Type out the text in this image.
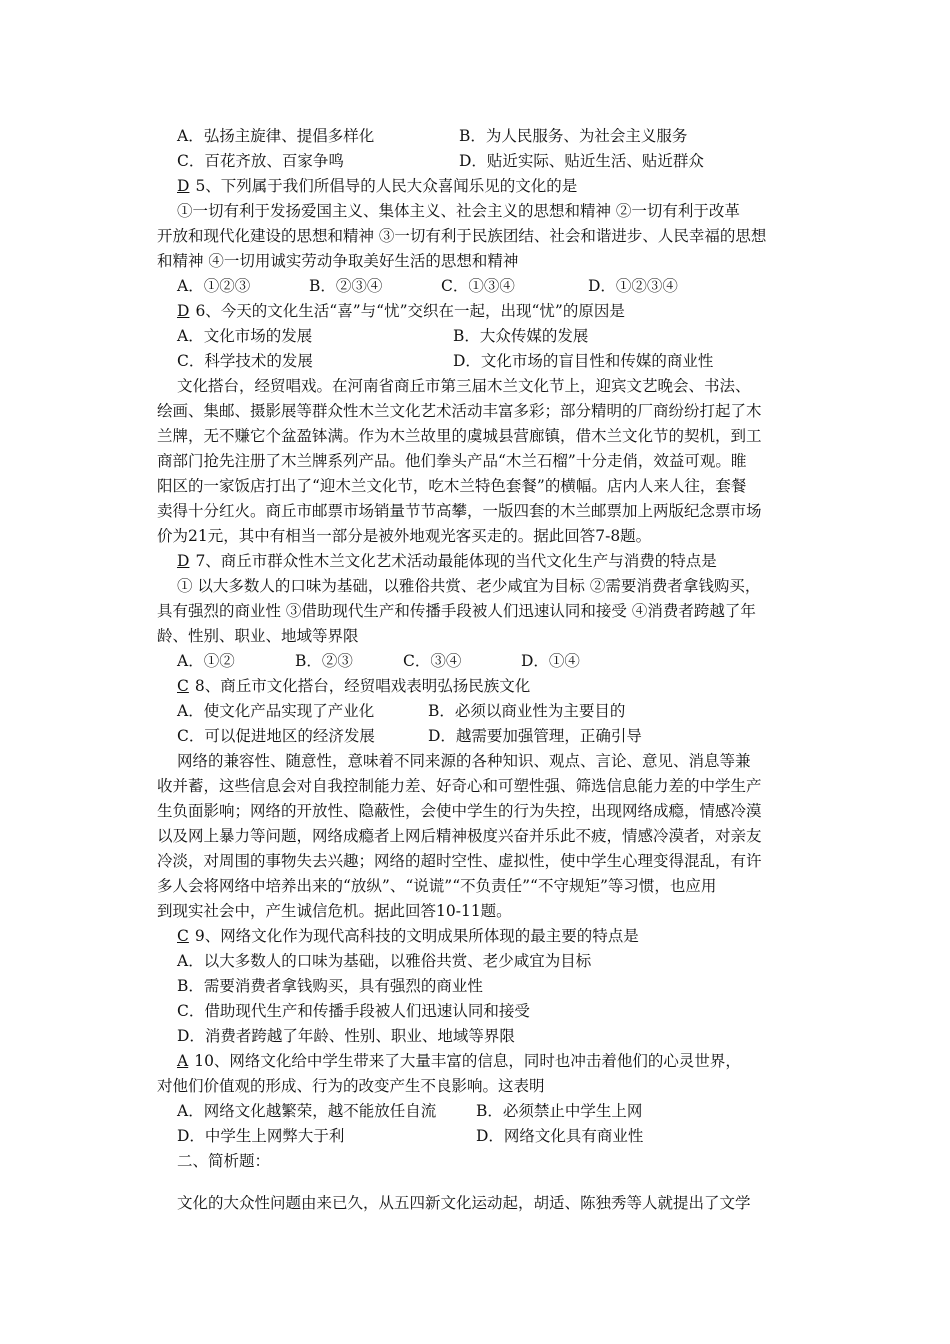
A．弘扬主旋律、提倡多样化	B．为人民服务、为社会主义服务
C．百花齐放、百家争鸣	D．贴近实际、贴近生活、贴近群众
D 5、下列属于我们所倡导的人民大众喜闻乐见的文化的是
①一切有利于发扬爱国主义、集体主义、社会主义的思想和精神 ②一切有利于改革
开放和现代化建设的思想和精神 ③一切有利于民族团结、社会和谐进步、人民幸福的思想
和精神 ④一切用诚实劳动争取美好生活的思想和精神
A．①②③	B．②③④	C．①③④	D．①②③④
D 6、今天的文化生活“喜”与“忧”交织在一起，出现“忧”的原因是
A．文化市场的发展	B．大众传媒的发展
C．科学技术的发展	D．文化市场的盲目性和传媒的商业性
文化搭台，经贸唱戏。在河南省商丘市第三届木兰文化节上，迎宾文艺晚会、书法、
绘画、集邮、摄影展等群众性木兰文化艺术活动丰富多彩；部分精明的厂商纷纷打起了木
兰牌，无不赚它个盆盈钵满。作为木兰故里的虞城县营廊镇，借木兰文化节的契机，到工
商部门抢先注册了木兰牌系列产品。他们拳头产品“木兰石榴”十分走俏，效益可观。睢
阳区的一家饭店打出了“迎木兰文化节，吃木兰特色套餐”的横幅。店内人来人往，套餐
卖得十分红火。商丘市邮票市场销量节节高攀，一版四套的木兰邮票加上两版纪念票市场
价为21元，其中有相当一部分是被外地观光客买走的。据此回答7-8题。
D 7、商丘市群众性木兰文化艺术活动最能体现的当代文化生产与消费的特点是
① 以大多数人的口味为基础，以雅俗共赏、老少咸宜为目标 ②需要消费者拿钱购买，
具有强烈的商业性 ③借助现代生产和传播手段被人们迅速认同和接受 ④消费者跨越了年
龄、性别、职业、地域等界限
A．①②	B．②③	C．③④	D．①④
C 8、商丘市文化搭台，经贸唱戏表明弘扬民族文化
A．使文化产品实现了产业化	B．必须以商业性为主要目的
C．可以促进地区的经济发展	D．越需要加强管理，正确引导
网络的兼容性、随意性，意味着不同来源的各种知识、观点、言论、意见、消息等兼
收并蓄，这些信息会对自我控制能力差、好奇心和可塑性强、筛选信息能力差的中学生产
生负面影响；网络的开放性、隐蔽性，会使中学生的行为失控，出现网络成瘾，情感冷漠
以及网上暴力等问题，网络成瘾者上网后精神极度兴奋并乐此不疲，情感冷漠者，对亲友
冷淡，对周围的事物失去兴趣；网络的超时空性、虚拟性，使中学生心理变得混乱，有许
多人会将网络中培养出来的“放纵”、“说谎”“不负责任”“不守规矩”等习惯，也应用
到现实社会中，产生诚信危机。据此回答10-11题。
C 9、网络文化作为现代高科技的文明成果所体现的最主要的特点是
A．以大多数人的口味为基础，以雅俗共赏、老少咸宜为目标
B．需要消费者拿钱购买，具有强烈的商业性
C．借助现代生产和传播手段被人们迅速认同和接受
D．消费者跨越了年龄、性别、职业、地域等界限
A 10、网络文化给中学生带来了大量丰富的信息，同时也冲击着他们的心灵世界，
对他们价值观的形成、行为的改变产生不良影响。这表明
A．网络文化越繁荣，越不能放任自流	B．必须禁止中学生上网
D．中学生上网弊大于利	D．网络文化具有商业性
二、简析题：
文化的大众性问题由来已久，从五四新文化运动起，胡适、陈独秀等人就提出了文学
